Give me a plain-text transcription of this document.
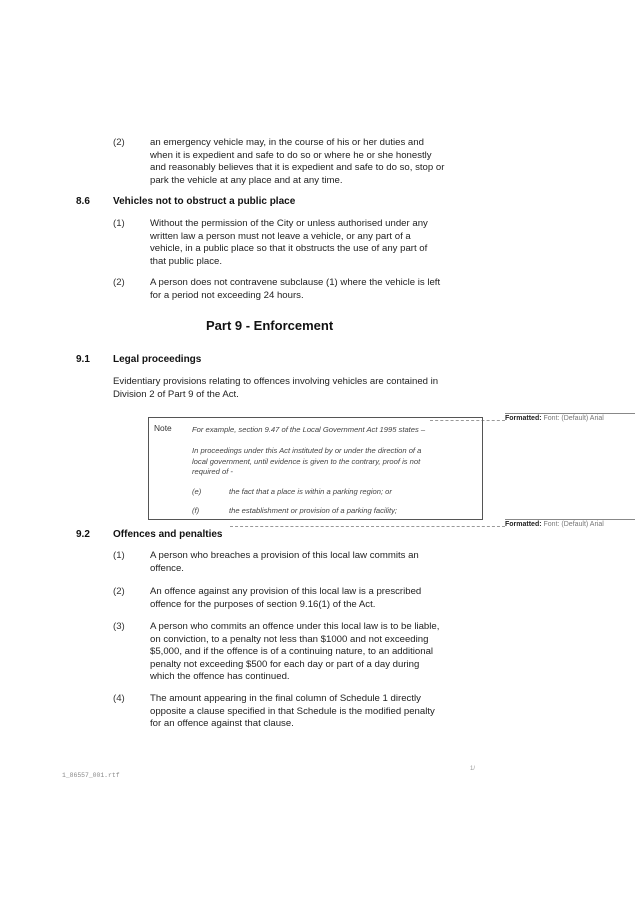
(2)	an emergency vehicle may, in the course of his or her duties and
when it is expedient and safe to do so or where he or she honestly
and reasonably believes that it is expedient and safe to do so, stop or
park the vehicle at any place and at any time.
8.6 Vehicles not to obstruct a public place
(1)	Without the permission of the City or unless authorised under any
written law a person must not leave a vehicle, or any part of a
vehicle, in a public place so that it obstructs the use of any part of
that public place.
(2)	A person does not contravene subclause (1) where the vehicle is left
for a period not exceeding 24 hours.
Part 9 - Enforcement
9.1 Legal proceedings
Evidentiary provisions relating to offences involving vehicles are contained in
Division 2 of Part 9 of the Act.
Formatted: Font: (Default) Arial
Note	For example, section 9.47 of the Local Government Act 1995 states –
In proceedings under this Act instituted by or under the direction of a
local government, until evidence is given to the contrary, proof is not
required of -
(e)	the fact that a place is within a parking region; or
(f)	the establishment or provision of a parking facility;
Formatted: Font: (Default) Arial
9.2 Offences and penalties
(1)	A person who breaches a provision of this local law commits an
offence.
(2)	An offence against any provision of this local law is a prescribed
offence for the purposes of section 9.16(1) of the Act.
(3)	A person who commits an offence under this local law is to be liable,
on conviction, to a penalty not less than $1000 and not exceeding
$5,000, and if the offence is of a continuing nature, to an additional
penalty not exceeding $500 for each day or part of a day during
which the offence has continued.
(4)	The amount appearing in the final column of Schedule 1 directly
opposite a clause specified in that Schedule is the modified penalty
for an offence against that clause.
1/
1_86557_001.rtf
